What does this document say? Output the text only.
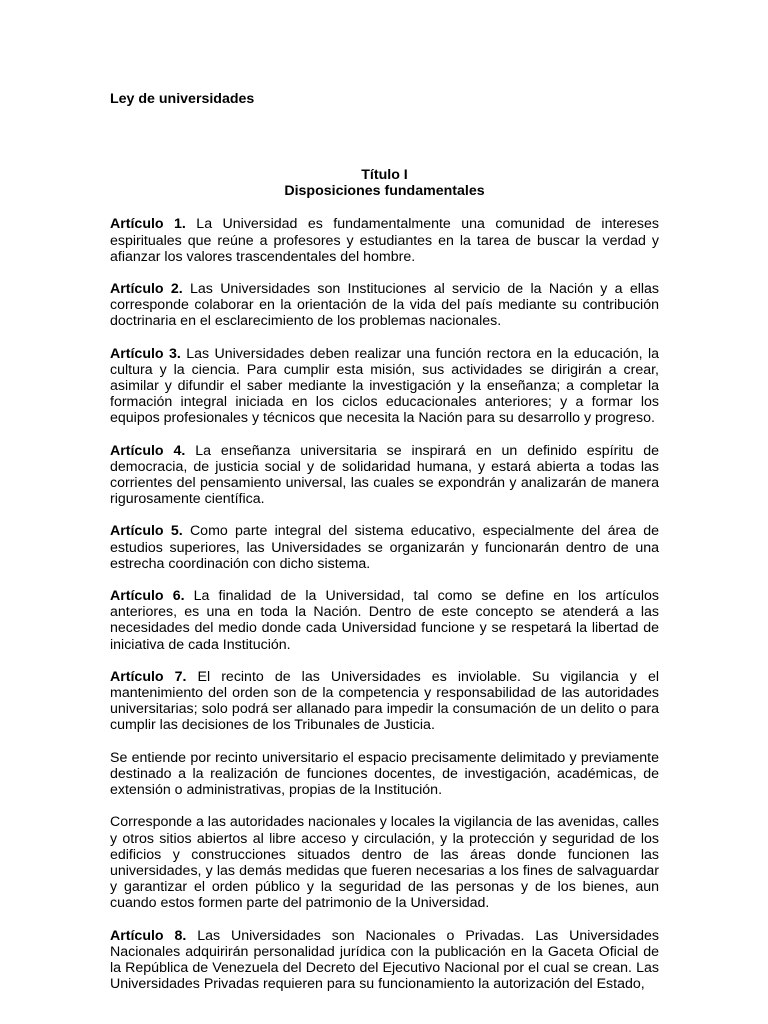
Ley de universidades
Título I
Disposiciones fundamentales

Artículo 1. La Universidad es fundamentalmente una comunidad de intereses espirituales que reúne a profesores y estudiantes en la tarea de buscar la verdad y afianzar los valores trascendentales del hombre.

Artículo 2. Las Universidades son Instituciones al servicio de la Nación y a ellas corresponde colaborar en la orientación de la vida del país mediante su contribución doctrinaria en el esclarecimiento de los problemas nacionales.

Artículo 3. Las Universidades deben realizar una función rectora en la educación, la cultura y la ciencia. Para cumplir esta misión, sus actividades se dirigirán a crear, asimilar y difundir el saber mediante la investigación y la enseñanza; a completar la formación integral iniciada en los ciclos educacionales anteriores; y a formar los equipos profesionales y técnicos que necesita la Nación para su desarrollo y progreso.

Artículo 4. La enseñanza universitaria se inspirará en un definido espíritu de democracia, de justicia social y de solidaridad humana, y estará abierta a todas las corrientes del pensamiento universal, las cuales se expondrán y analizarán de manera rigurosamente científica.

Artículo 5. Como parte integral del sistema educativo, especialmente del área de estudios superiores, las Universidades se organizarán y funcionarán dentro de una estrecha coordinación con dicho sistema.

Artículo 6. La finalidad de la Universidad, tal como se define en los artículos anteriores, es una en toda la Nación. Dentro de este concepto se atenderá a las necesidades del medio donde cada Universidad funcione y se respetará la libertad de iniciativa de cada Institución.

Artículo 7. El recinto de las Universidades es inviolable. Su vigilancia y el mantenimiento del orden son de la competencia y responsabilidad de las autoridades universitarias; solo podrá ser allanado para impedir la consumación de un delito o para cumplir las decisiones de los Tribunales de Justicia.

Se entiende por recinto universitario el espacio precisamente delimitado y previamente destinado a la realización de funciones docentes, de investigación, académicas, de extensión o administrativas, propias de la Institución.

Corresponde a las autoridades nacionales y locales la vigilancia de las avenidas, calles y otros sitios abiertos al libre acceso y circulación, y la protección y seguridad de los edificios y construcciones situados dentro de las áreas donde funcionen las universidades, y las demás medidas que fueren necesarias a los fines de salvaguardar y garantizar el orden público y la seguridad de las personas y de los bienes, aun cuando estos formen parte del patrimonio de la Universidad.

Artículo 8. Las Universidades son Nacionales o Privadas. Las Universidades Nacionales adquirirán personalidad jurídica con la publicación en la Gaceta Oficial de la República de Venezuela del Decreto del Ejecutivo Nacional por el cual se crean. Las Universidades Privadas requieren para su funcionamiento la autorización del Estado,
